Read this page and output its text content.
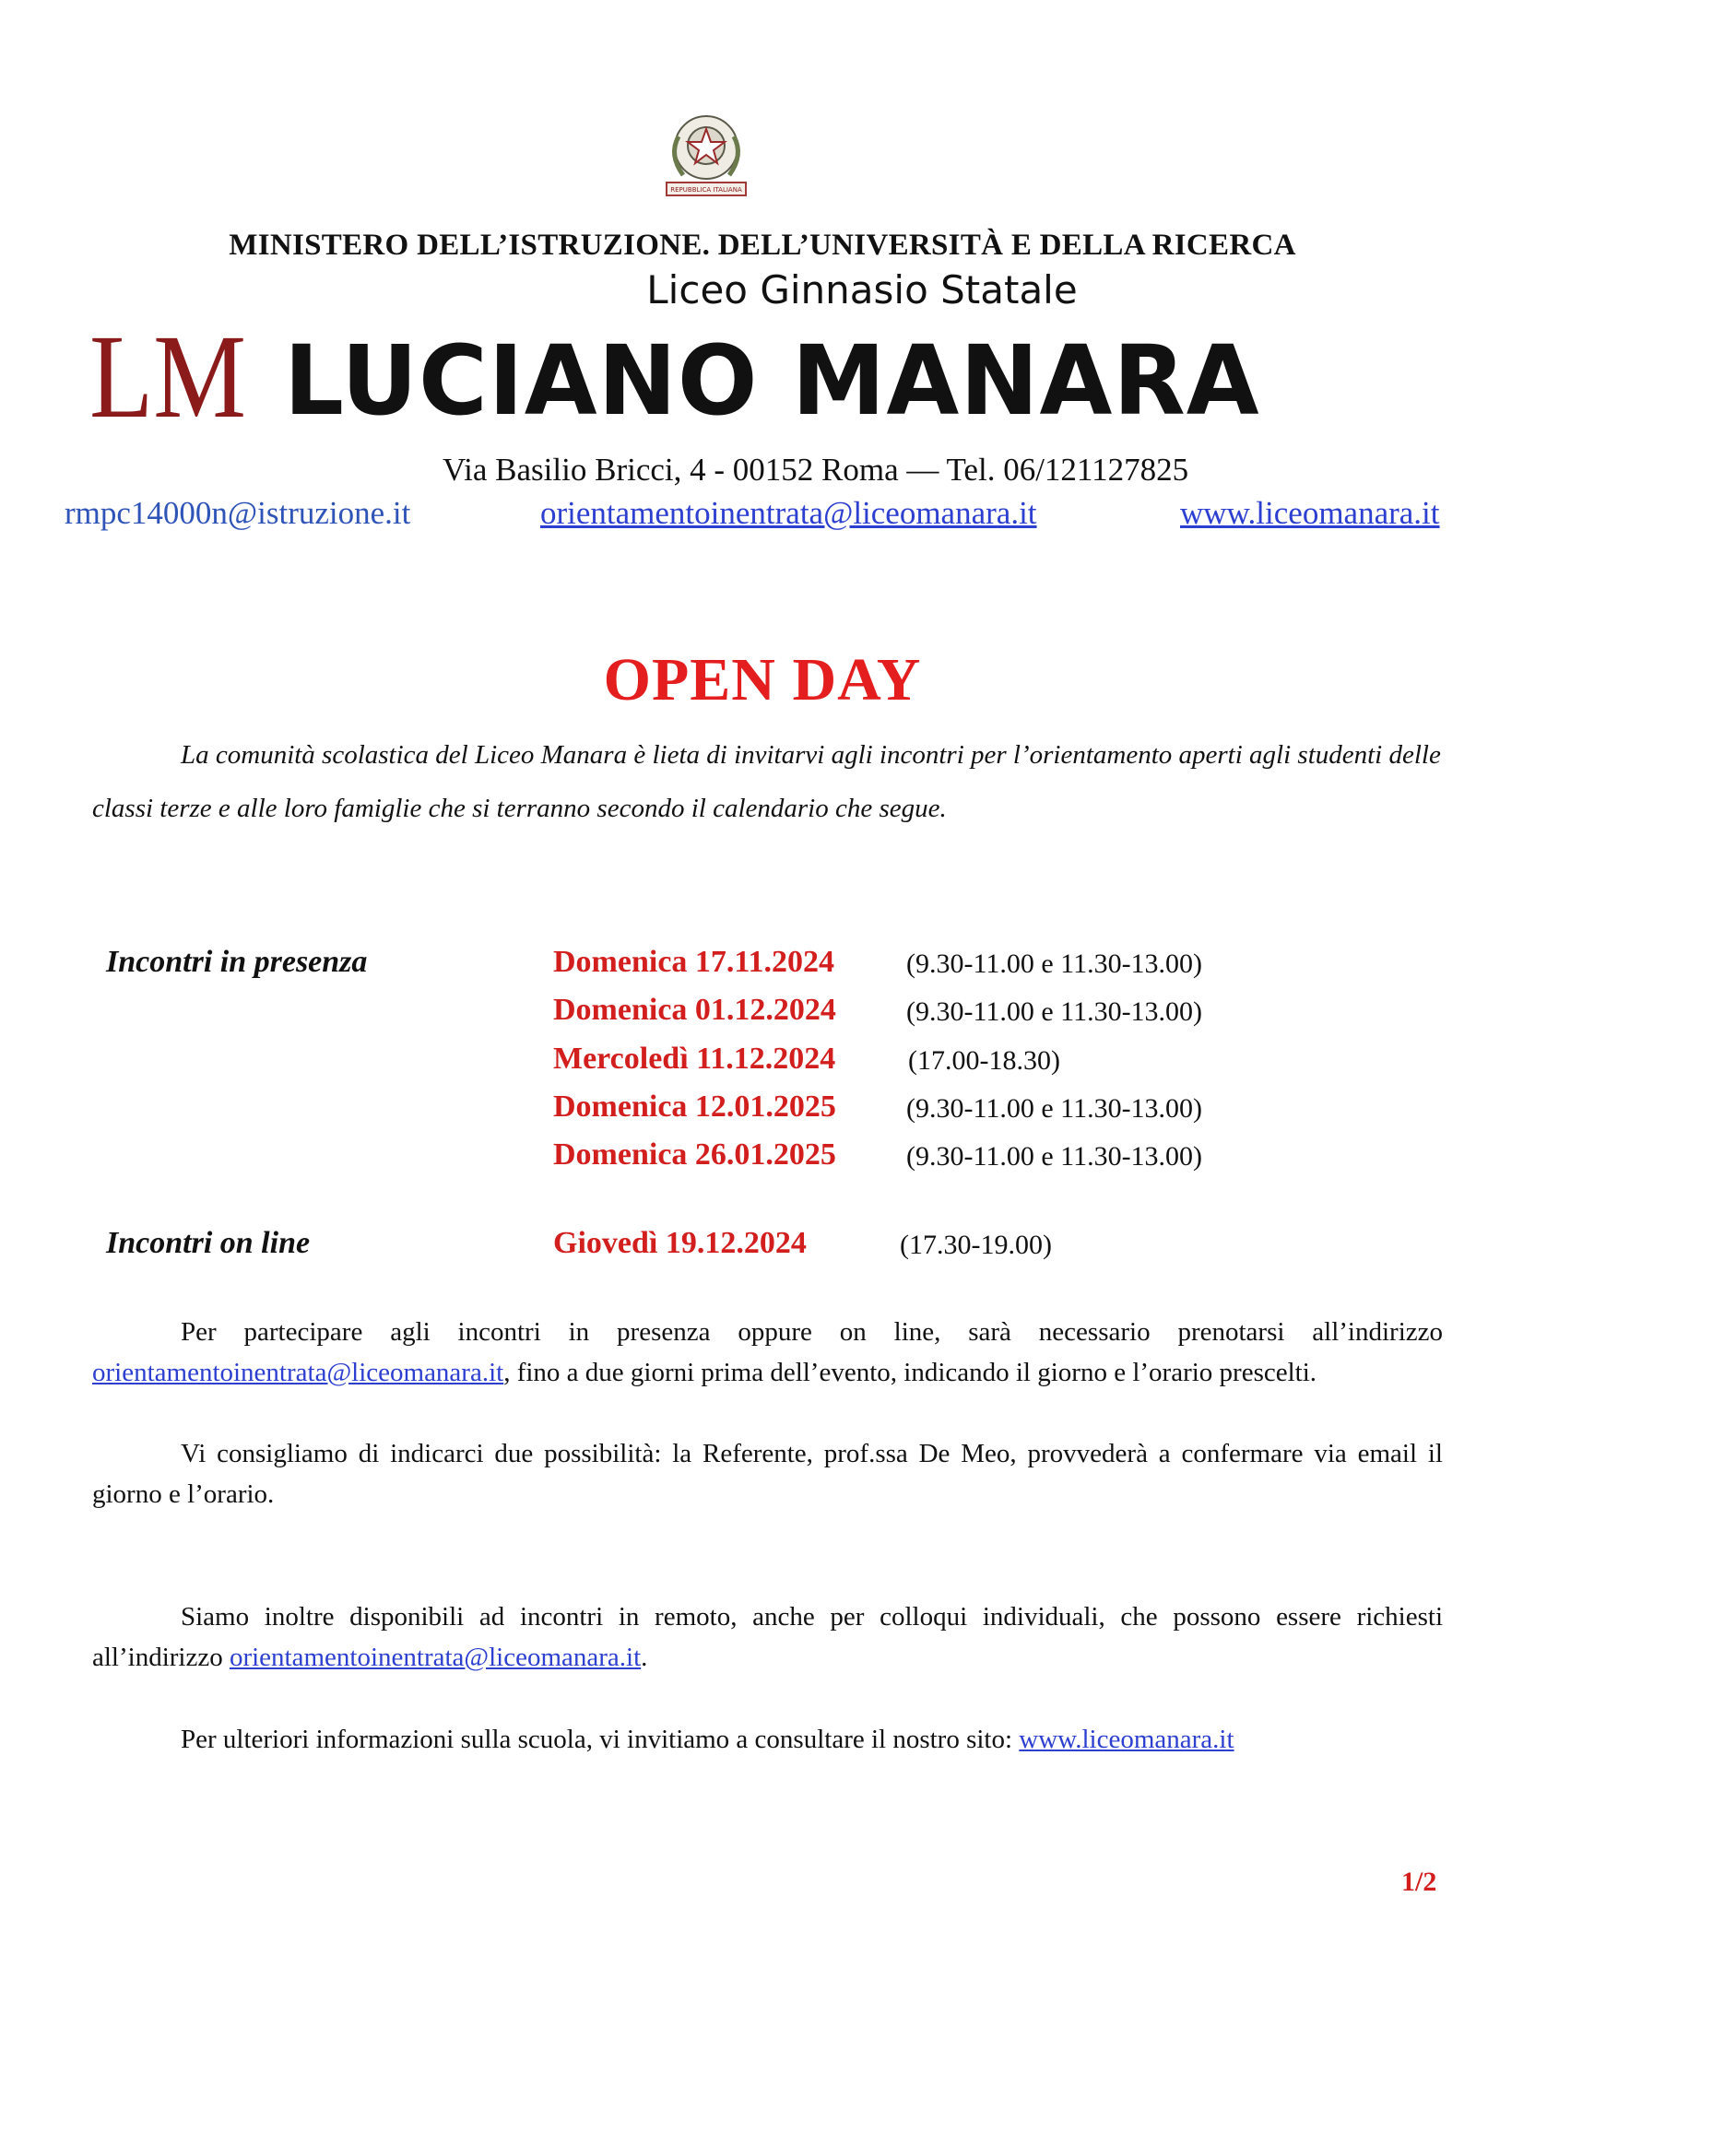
REPUBBLICA ITALIANA
MINISTERO DELL’ISTRUZIONE. DELL’UNIVERSITÀ E DELLA RICERCA
Liceo Ginnasio Statale
LM LUCIANO MANARA
Via Basilio Bricci, 4 - 00152 Roma — Tel. 06/121127825
rmpc14000n@istruzione.it	orientamentoinentrata@liceomanara.it	www.liceomanara.it
OPEN DAY
La comunità scolastica del Liceo Manara è lieta di invitarvi agli incontri per l’orientamento aperti agli studenti delle classi terze e alle loro famiglie che si terranno secondo il calendario che segue.
Incontri in presenza	Domenica 17.11.2024	(9.30-11.00 e 11.30-13.00)
Domenica 01.12.2024	(9.30-11.00 e 11.30-13.00)
Mercoledì 11.12.2024	(17.00-18.30)
Domenica 12.01.2025	(9.30-11.00 e 11.30-13.00)
Domenica 26.01.2025	(9.30-11.00 e 11.30-13.00)
Incontri on line	Giovedì 19.12.2024	(17.30-19.00)
Per partecipare agli incontri in presenza oppure on line, sarà necessario prenotarsi all’indirizzo orientamentoinentrata@liceomanara.it, fino a due giorni prima dell’evento, indicando il giorno e l’orario prescelti.
Vi consigliamo di indicarci due possibilità: la Referente, prof.ssa De Meo, provvederà a confermare via email il giorno e l’orario.
Siamo inoltre disponibili ad incontri in remoto, anche per colloqui individuali, che possono essere richiesti all’indirizzo orientamentoinentrata@liceomanara.it.
Per ulteriori informazioni sulla scuola, vi invitiamo a consultare il nostro sito: www.liceomanara.it
1/2
